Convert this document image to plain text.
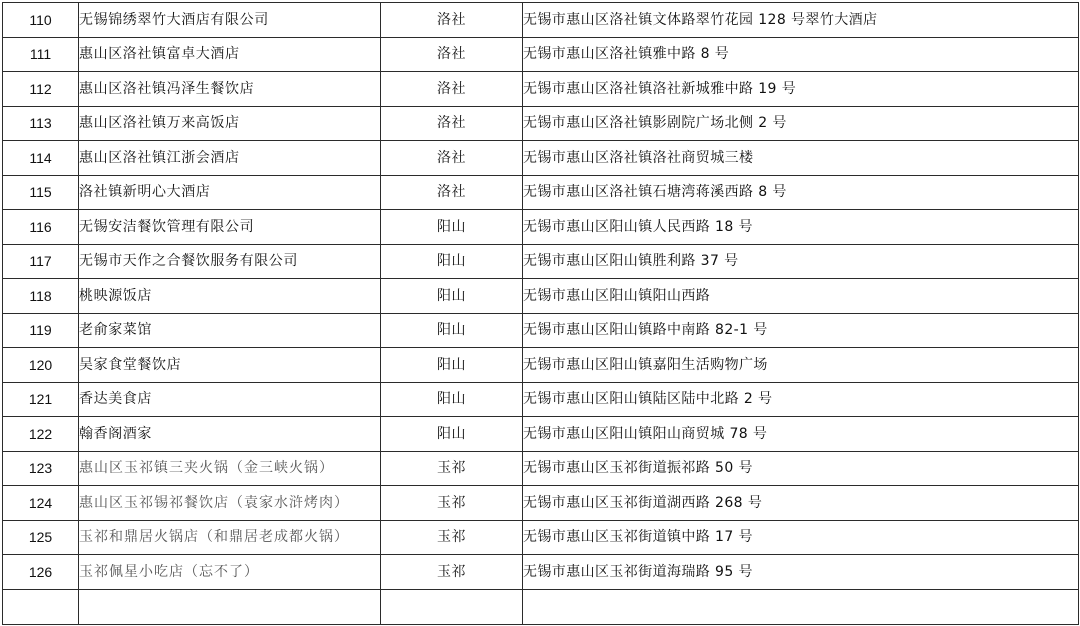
110	无锡锦绣翠竹大酒店有限公司	洛社	无锡市惠山区洛社镇文体路翠竹花园 128 号翠竹大酒店
111	惠山区洛社镇富卓大酒店	洛社	无锡市惠山区洛社镇雅中路 8 号
112	惠山区洛社镇冯泽生餐饮店	洛社	无锡市惠山区洛社镇洛社新城雅中路 19 号
113	惠山区洛社镇万来高饭店	洛社	无锡市惠山区洛社镇影剧院广场北侧 2 号
114	惠山区洛社镇江浙会酒店	洛社	无锡市惠山区洛社镇洛社商贸城三楼
115	洛社镇新明心大酒店	洛社	无锡市惠山区洛社镇石塘湾蒋溪西路 8 号
116	无锡安洁餐饮管理有限公司	阳山	无锡市惠山区阳山镇人民西路 18 号
117	无锡市天作之合餐饮服务有限公司	阳山	无锡市惠山区阳山镇胜利路 37 号
118	桃映源饭店	阳山	无锡市惠山区阳山镇阳山西路
119	老俞家菜馆	阳山	无锡市惠山区阳山镇路中南路 82-1 号
120	吴家食堂餐饮店	阳山	无锡市惠山区阳山镇嘉阳生活购物广场
121	香达美食店	阳山	无锡市惠山区阳山镇陆区陆中北路 2 号
122	翰香阁酒家	阳山	无锡市惠山区阳山镇阳山商贸城 78 号
123	惠山区玉祁镇三夹火锅（金三峡火锅）	玉祁	无锡市惠山区玉祁街道振祁路 50 号
124	惠山区玉祁锡祁餐饮店（袁家水浒烤肉）	玉祁	无锡市惠山区玉祁街道湖西路 268 号
125	玉祁和鼎居火锅店（和鼎居老成都火锅）	玉祁	无锡市惠山区玉祁街道镇中路 17 号
126	玉祁佩星小吃店（忘不了）	玉祁	无锡市惠山区玉祁街道海瑞路 95 号
